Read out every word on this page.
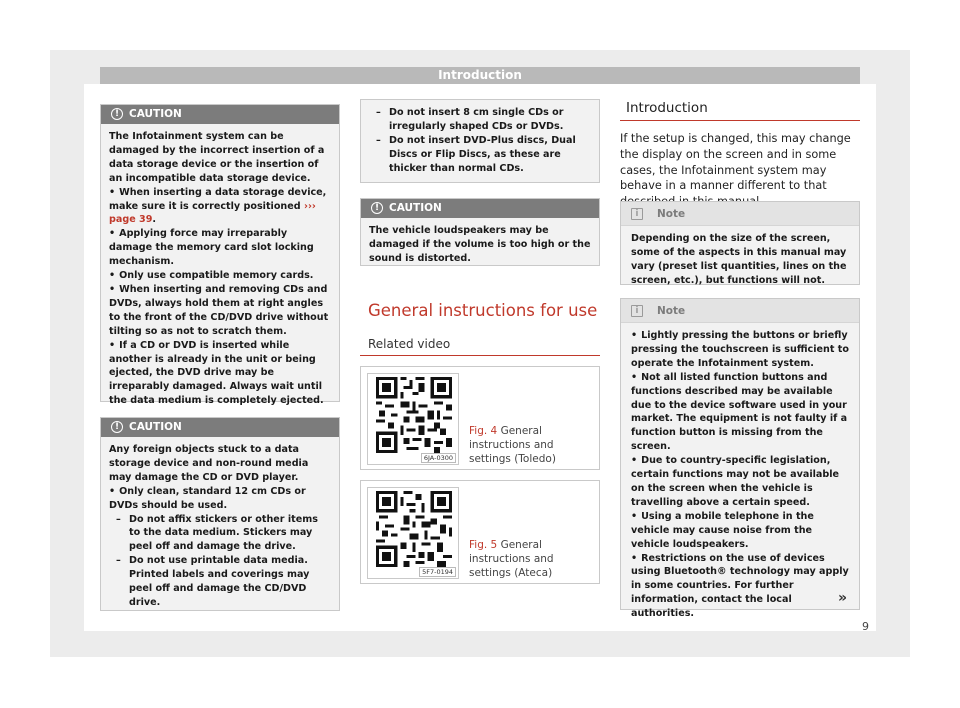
Introduction
! CAUTION

The Infotainment system can be damaged by the incorrect insertion of a data storage device or the insertion of an incompatible data storage device.

• When inserting a data storage device, make sure it is correctly positioned ››› page 39.

• Applying force may irreparably damage the memory card slot locking mechanism.

• Only use compatible memory cards.

• When inserting and removing CDs and DVDs, always hold them at right angles to the front of the CD/DVD drive without tilting so as not to scratch them.

• If a CD or DVD is inserted while another is already in the unit or being ejected, the DVD drive may be irreparably damaged. Always wait until the data medium is completely ejected.

! CAUTION

Any foreign objects stuck to a data storage device and non-round media may damage the CD or DVD player.

• Only clean, standard 12 cm CDs or DVDs should be used.

– Do not affix stickers or other items to the data medium. Stickers may peel off and damage the drive.

– Do not use printable data media. Printed labels and coverings may peel off and damage the CD/DVD drive.

– Do not insert 8 cm single CDs or irregularly shaped CDs or DVDs.

– Do not insert DVD-Plus discs, Dual Discs or Flip Discs, as these are thicker than normal CDs.

! CAUTION

The vehicle loudspeakers may be damaged if the volume is too high or the sound is distorted.

General instructions for use
Related video
6JA-0300
Fig. 4 General instructions and settings (Toledo)
5F7-0194
Fig. 5 General instructions and settings (Ateca)
Introduction

If the setup is changed, this may change the display on the screen and in some cases, the Infotainment system may behave in a manner different to that

i	Note

Depending on the size of the screen, some of the aspects in this manual may vary (preset list quantities, lines on the screen, etc.), but functions will not.

i	Note

• Lightly pressing the buttons or briefly pressing the touchscreen is sufficient to operate the Infotainment system.

• Not all listed function buttons and functions described may be available due to the device software used in your market. The equipment is not faulty if a function button is missing from the screen.

• Due to country-specific legislation, certain functions may not be available on the screen when the vehicle is travelling above a certain speed.

• Using a mobile telephone in the vehicle may cause noise from the vehicle loudspeakers.

• Restrictions on the use of devices using Bluetooth® technology may apply in some countries. For further information, contact the local authorities.

»
9
